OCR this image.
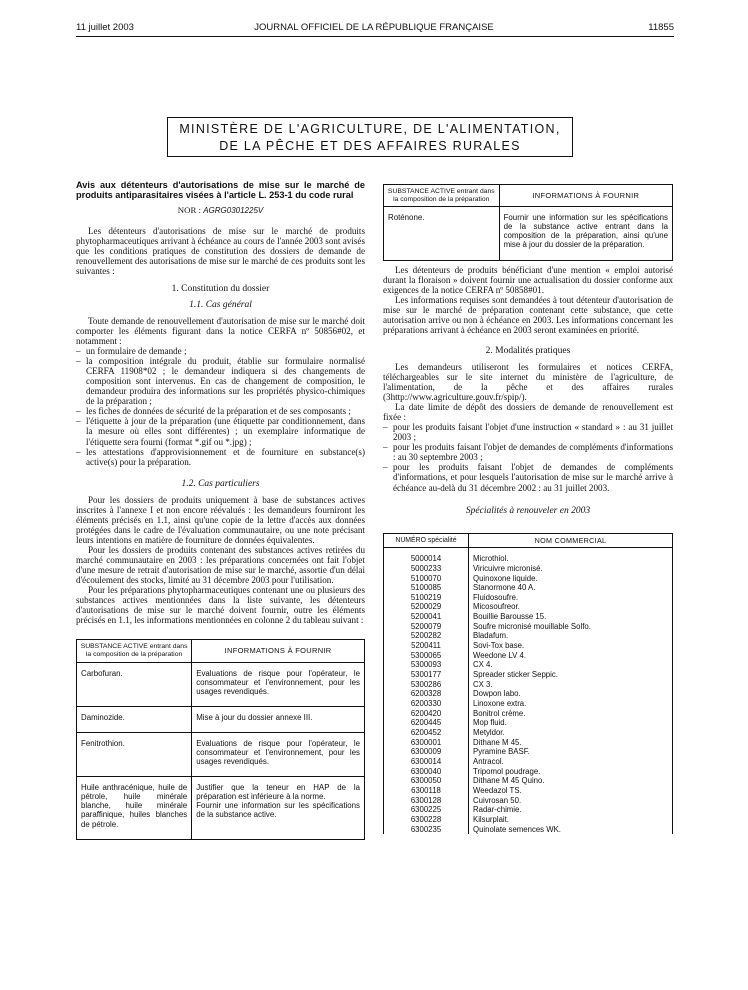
11 juillet 2003	JOURNAL OFFICIEL DE LA RÉPUBLIQUE FRANÇAISE	11855
MINISTÈRE DE L'AGRICULTURE, DE L'ALIMENTATION,
DE LA PÊCHE ET DES AFFAIRES RURALES

Avis aux détenteurs d'autorisations de mise sur le marché de produits antiparasitaires visées à l'article L. 253-1 du code rural

NOR : AGRG0301225V

Les détenteurs d'autorisations de mise sur le marché de produits phytopharmaceutiques arrivant à échéance au cours de l'année 2003 sont avisés que les conditions pratiques de constitution des dossiers de demande de renouvellement des autorisations de mise sur le marché de ces produits sont les suivantes :

1. Constitution du dossier
1.1. Cas général

Toute demande de renouvellement d'autorisation de mise sur le marché doit comporter les éléments figurant dans la notice CERFA nº 50856#02, et notamment :

– un formulaire de demande ;
– la composition intégrale du produit, établie sur formulaire normalisé CERFA 11908*02 ; le demandeur indiquera si des changements de composition sont intervenus. En cas de changement de composition, le demandeur produira des informations sur les propriétés physico-chimiques de la préparation ;
– les fiches de données de sécurité de la préparation et de ses composants ;
– l'étiquette à jour de la préparation (une étiquette par conditionnement, dans la mesure où elles sont différentes) ; un exemplaire informatique de l'étiquette sera fourni (format *.gif ou *.jpg) ;
– les attestations d'approvisionnement et de fourniture en substance(s) active(s) pour la préparation.
1.2. Cas particuliers

Pour les dossiers de produits uniquement à base de substances actives inscrites à l'annexe I et non encore réévalués : les demandeurs fourniront les éléments précisés en 1.1, ainsi qu'une copie de la lettre d'accès aux données protégées dans le cadre de l'évaluation communautaire, ou une note précisant leurs intentions en matière de fourniture de données équivalentes.

Pour les dossiers de produits contenant des substances actives retirées du marché communautaire en 2003 : les préparations concernées ont fait l'objet d'une mesure de retrait d'autorisation de mise sur le marché, assortie d'un délai d'écoulement des stocks, limité au 31 décembre 2003 pour l'utilisation.

Pour les préparations phytopharmaceutiques contenant une ou plusieurs des substances actives mentionnées dans la liste suivante, les détenteurs d'autorisations de mise sur le marché doivent fournir, outre les éléments précisés en 1.1, les informations mentionnées en colonne 2 du tableau suivant :

SUBSTANCE ACTIVE entrant dans la composition de la préparation	INFORMATIONS À FOURNIR
Carbofuran.	Evaluations de risque pour l'opérateur, le consommateur et l'environnement, pour les usages revendiqués.
Daminozide.	Mise à jour du dossier annexe III.
Fenitrothion.	Evaluations de risque pour l'opérateur, le consommateur et l'environnement, pour les usages revendiqués.
Huile anthracénique, huile de pétrole, huile minérale blanche, huile minérale paraffinique, huiles blanches de pétrole.	Justifier que la teneur en HAP de la préparation est inférieure à la norme.
Fournir une information sur les spécifications de la substance active.
SUBSTANCE ACTIVE entrant dans la composition de la préparation	INFORMATIONS À FOURNIR
Roténone.	Fournir une information sur les spécifications de la substance active entrant dans la composition de la préparation, ainsi qu'une mise à jour du dossier de la préparation.

Les détenteurs de produits bénéficiant d'une mention « emploi autorisé durant la floraison » doivent fournir une actualisation du dossier conforme aux exigences de la notice CERFA nº 50858#01.

Les informations requises sont demandées à tout détenteur d'autorisation de mise sur le marché de préparation contenant cette substance, que cette autorisation arrive ou non à échéance en 2003. Les informations concernant les préparations arrivant à échéance en 2003 seront examinées en priorité.

2. Modalités pratiques

Les demandeurs utiliseront les formulaires et notices CERFA, téléchargeables sur le site internet du ministère de l'agriculture, de l'alimentation, de la pêche et des affaires rurales (3http://www.agriculture.gouv.fr/spip/).

La date limite de dépôt des dossiers de demande de renouvellement est fixée :

– pour les produits faisant l'objet d'une instruction « standard » : au 31 juillet 2003 ;
– pour les produits faisant l'objet de demandes de compléments d'informations : au 30 septembre 2003 ;
– pour les produits faisant l'objet de demandes de compléments d'informations, et pour lesquels l'autorisation de mise sur le marché arrive à échéance au-delà du 31 décembre 2002 : au 31 juillet 2003.
Spécialités à renouveler en 2003
NUMÉRO spécialité	NOM COMMERCIAL
5000014	Microthiol.
5000233	Viricuivre micronisé.
5100070	Quinoxone liquide.
5100085	Stanormone 40 A.
5100219	Fluidosoufre.
5200029	Micosoufreor.
5200041	Bouillie Barousse 15.
5200079	Soufre micronisé mouillable Solfo.
5200282	Bladafum.
5200411	Sovi-Tox base.
5300065	Weedone LV 4.
5300093	CX 4.
5300177	Spreader sticker Seppic.
5300286	CX 3.
6200328	Dowpon labo.
6200330	Linoxone extra.
6200420	Bonitrol crème.
6200445	Mop fluid.
6200452	Metyldor.
6300001	Dithane M 45.
6300009	Pyramine BASF.
6300014	Antracol.
6300040	Tripomol poudrage.
6300050	Dithane M 45 Quino.
6300118	Weedazol TS.
6300128	Cuivrosan 50.
6300225	Radar-chimie.
6300228	Kilsurplait.
6300235	Quinolate semences WK.
